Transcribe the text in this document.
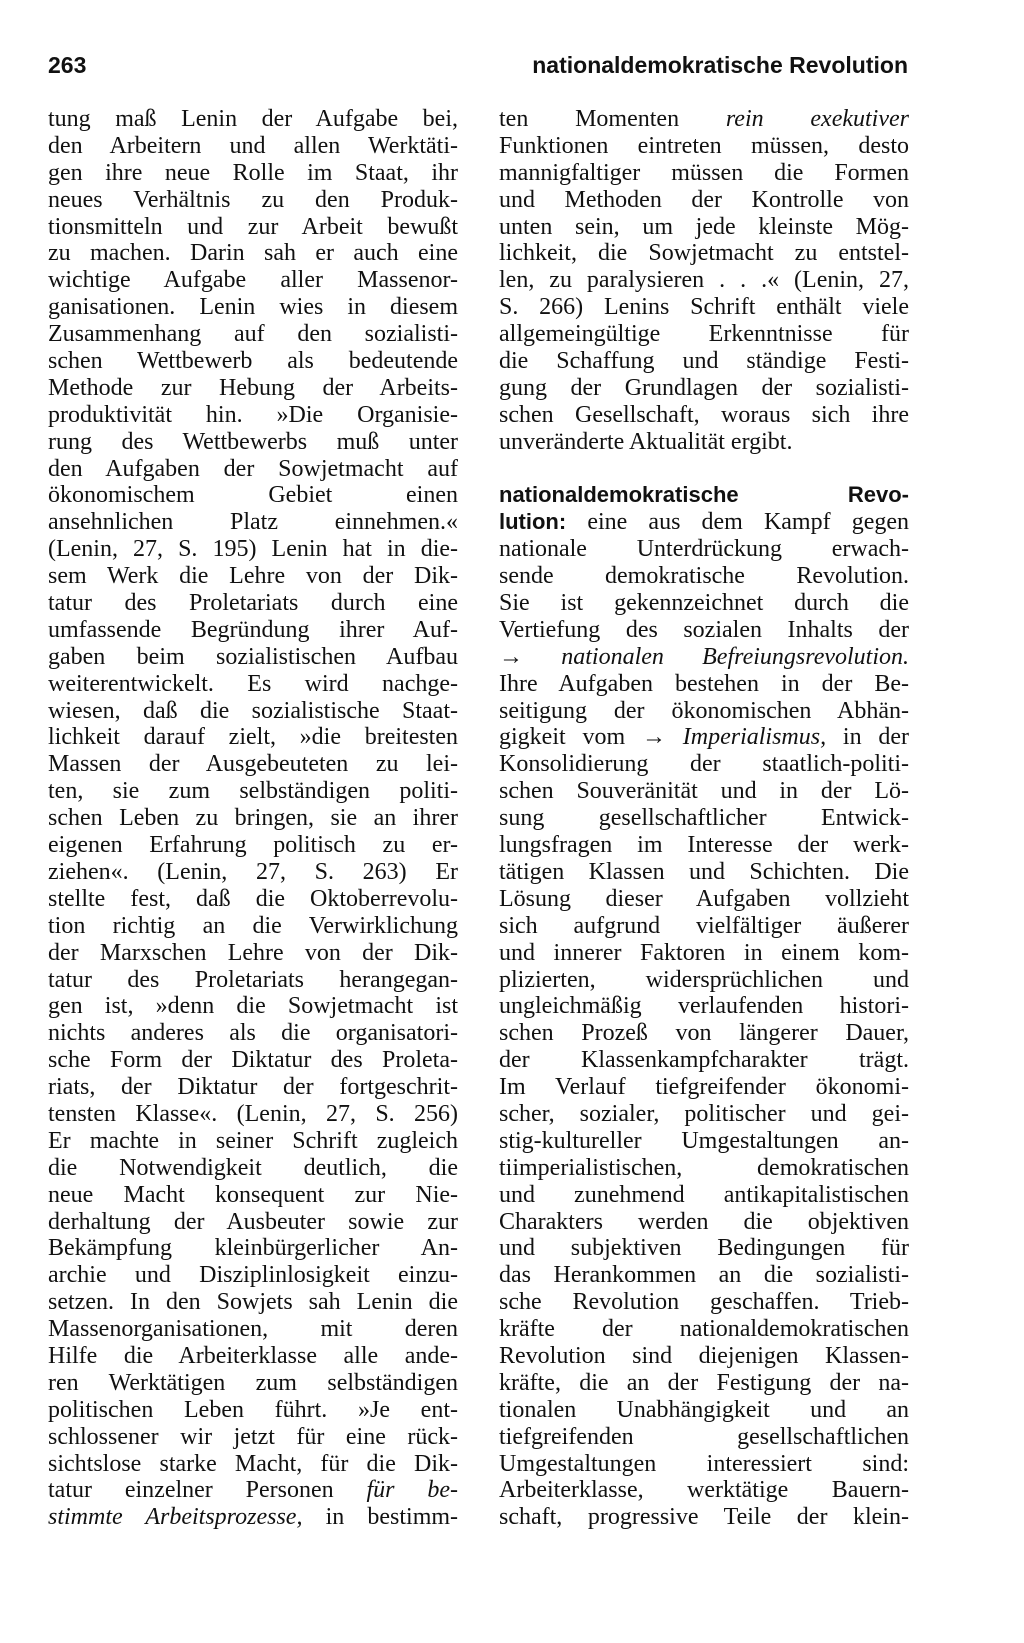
263	nationaldemokratische Revolution
tung maß Lenin der Aufgabe bei,
den Arbeitern und allen Werktäti-
gen ihre neue Rolle im Staat, ihr
neues Verhältnis zu den Produk-
tionsmitteln und zur Arbeit bewußt
zu machen. Darin sah er auch eine
wichtige Aufgabe aller Massenor-
ganisationen. Lenin wies in diesem
Zusammenhang auf den sozialisti-
schen Wettbewerb als bedeutende
Methode zur Hebung der Arbeits-
produktivität hin. »Die Organisie-
rung des Wettbewerbs muß unter
den Aufgaben der Sowjetmacht auf
ökonomischem Gebiet einen
ansehnlichen Platz einnehmen.«
(Lenin, 27, S. 195) Lenin hat in die-
sem Werk die Lehre von der Dik-
tatur des Proletariats durch eine
umfassende Begründung ihrer Auf-
gaben beim sozialistischen Aufbau
weiterentwickelt. Es wird nachge-
wiesen, daß die sozialistische Staat-
lichkeit darauf zielt, »die breitesten
Massen der Ausgebeuteten zu lei-
ten, sie zum selbständigen politi-
schen Leben zu bringen, sie an ihrer
eigenen Erfahrung politisch zu er-
ziehen«. (Lenin, 27, S. 263) Er
stellte fest, daß die Oktoberrevolu-
tion richtig an die Verwirklichung
der Marxschen Lehre von der Dik-
tatur des Proletariats herangegan-
gen ist, »denn die Sowjetmacht ist
nichts anderes als die organisatori-
sche Form der Diktatur des Proleta-
riats, der Diktatur der fortgeschrit-
tensten Klasse«. (Lenin, 27, S. 256)
Er machte in seiner Schrift zugleich
die Notwendigkeit deutlich, die
neue Macht konsequent zur Nie-
derhaltung der Ausbeuter sowie zur
Bekämpfung kleinbürgerlicher An-
archie und Disziplinlosigkeit einzu-
setzen. In den Sowjets sah Lenin die
Massenorganisationen, mit deren
Hilfe die Arbeiterklasse alle ande-
ren Werktätigen zum selbständigen
politischen Leben führt. »Je ent-
schlossener wir jetzt für eine rück-
sichtslose starke Macht, für die Dik-
tatur einzelner Personen für be-
stimmte Arbeitsprozesse, in bestimm-
ten Momenten rein exekutiver
Funktionen eintreten müssen, desto
mannigfaltiger müssen die Formen
und Methoden der Kontrolle von
unten sein, um jede kleinste Mög-
lichkeit, die Sowjetmacht zu entstel-
len, zu paralysieren . . .« (Lenin, 27,
S. 266) Lenins Schrift enthält viele
allgemeingültige Erkenntnisse für
die Schaffung und ständige Festi-
gung der Grundlagen der sozialisti-
schen Gesellschaft, woraus sich ihre
unveränderte Aktualität ergibt.
nationaldemokratische Revo-
lution: eine aus dem Kampf gegen
nationale Unterdrückung erwach-
sende demokratische Revolution.
Sie ist gekennzeichnet durch die
Vertiefung des sozialen Inhalts der
→ nationalen Befreiungsrevolution.
Ihre Aufgaben bestehen in der Be-
seitigung der ökonomischen Abhän-
gigkeit vom → Imperialismus, in der
Konsolidierung der staatlich-politi-
schen Souveränität und in der Lö-
sung gesellschaftlicher Entwick-
lungsfragen im Interesse der werk-
tätigen Klassen und Schichten. Die
Lösung dieser Aufgaben vollzieht
sich aufgrund vielfältiger äußerer
und innerer Faktoren in einem kom-
plizierten, widersprüchlichen und
ungleichmäßig verlaufenden histori-
schen Prozeß von längerer Dauer,
der Klassenkampfcharakter trägt.
Im Verlauf tiefgreifender ökonomi-
scher, sozialer, politischer und gei-
stig-kultureller Umgestaltungen an-
tiimperialistischen, demokratischen
und zunehmend antikapitalistischen
Charakters werden die objektiven
und subjektiven Bedingungen für
das Herankommen an die sozialisti-
sche Revolution geschaffen. Trieb-
kräfte der nationaldemokratischen
Revolution sind diejenigen Klassen-
kräfte, die an der Festigung der na-
tionalen Unabhängigkeit und an
tiefgreifenden gesellschaftlichen
Umgestaltungen interessiert sind:
Arbeiterklasse, werktätige Bauern-
schaft, progressive Teile der klein-
